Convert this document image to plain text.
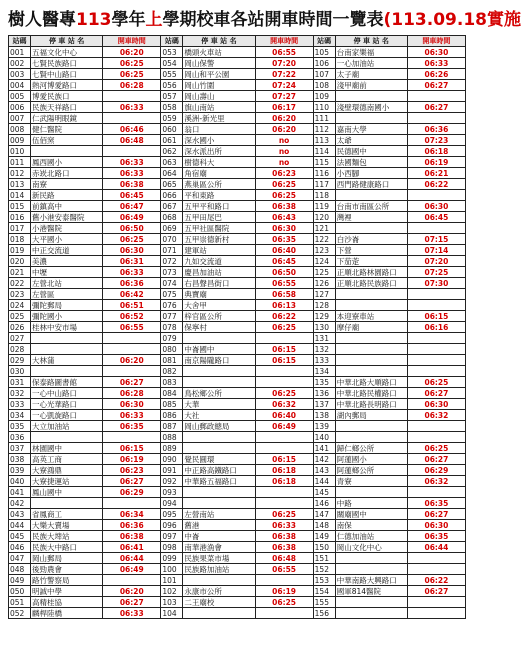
樹人醫專113學年上學期校車各站開車時間一覽表(113.09.18實施
站碼	停 車 站 名	開車時間	站碼	停 車 站 名	開車時間	站碼	停 車 站 名	開車時間
001	五福文化中心	06:20	053	橋頭火車站	06:55	105	台南家樂福	06:30
002	七賢民族路口	06:25	054	岡山保警	07:20	106	一心加油站	06:33
003	七賢中山路口	06:25	055	岡山和平公園	07:22	107	太子廟	06:26
004	熱河博愛路口	06:28	056	岡山竹圍	07:24	108	淺甲廟前	06:27
005	博愛民族口		057	岡山壽山	07:27	109		
006	民族天祥路口	06:33	058	旗山南站	06:17	110	淺壁環德南國小	06:27
007	仁武陽明眼鏡		059	溪洲-新光里	06:20	111		
008	健仁醫院	06:46	060	翁口	06:20	112	嘉南大學	06:36
009	伍佰窯	06:48	061	深水國小	no	113	太爺	07:23
010			062	深水派出所	no	114	民德國中	06:18
011	鳳西國小	06:33	063	樹德科大	no	115	法國麵包	06:19
012	赤崁北路口	06:33	064	角宿廟	06:23	116	小西腳	06:21
013	南寮	06:38	065	燕巢區公所	06:25	117	西門路健康路口	06:22
014	新民路	06:45	066	平和東路	06:25	118		
015	前鎮高中	06:47	067	五甲平和路口	06:38	119	台南市南區公所	06:30
016	舊小港安泰醫院	06:49	068	五甲田尾巴	06:43	120	灣裡	06:45
017	小港醫院	06:50	069	五甲社區醫院	06:30	121		
018	大平國小	06:25	070	五甲崇德新村	06:35	122	白沙崙	07:15
019	中正交流道	06:30	071	建軍站	06:40	123	下營	07:14
020	美濃	06:31	072	九如交流道	06:45	124	下茄萣	07:20
021	中壢	06:33	073	慶昌加油站	06:50	125	正順北路林園路口	07:25
022	左營北站	06:36	074	右昌聲昌街口	06:55	126	正順北路民族路口	07:30
023	左營區	06:42	075	典寶廟	06:58	127		
024	彌陀郵局	06:51	076	大舍甲	06:13	128		
025	彌陀國小	06:52	077	梓官區公所	06:22	129	本迎寮車站	06:15
026	桂林中安市場	06:55	078	保寧村	06:25	130	摩仔廟	06:16
027			079			131		
028			080	中崙國中	06:15	132		
029	大林蒲	06:20	081	南京陽隴路口	06:15	133		
030			082			134		
031	保泰路圖書館	06:27	083			135	中華北路大順路口	06:25
032	一心中山路口	06:28	084	鳥松鄉公所	06:25	136	中華北路民權路口	06:27
033	一心光華路口	06:30	085	大華	06:32	137	中華北路長明路口	06:30
034	一心凱旋路口	06:33	086	大社	06:40	138	湖內郵局	06:32
035	大立加油站	06:35	087	岡山郵政總局	06:49	139		
036			088			140		
037	林園國中	06:15	089			141	歸仁鄉公所	06:25
038	高英工商	06:19	090	覺民圓環	06:15	142	阿蓮國小	06:27
039	大寮鴻鼎	06:23	091	中正路高鐵路口	06:18	143	阿蓮鄉公所	06:29
040	大寮捷運站	06:27	092	中華路五福路口	06:18	144	青寮	06:32
041	鳳山國中	06:29	093			145		
042			094			146	中路	06:35
043	省鳳商工	06:34	095	左營南站	06:25	147	關廟國中	06:27
044	大樂大賣場	06:36	096	舊港	06:33	148	南保	06:30
045	民族大埤站	06:38	097	中崙	06:38	149	仁德加油站	06:35
046	民族大中路口	06:41	098	南華港漁會	06:38	150	岡山文化中心	06:44
047	岡山郵局	06:44	099	民族果菜市場	06:48	151		
048	後勁農會	06:49	100	民族路加油站	06:55	152		
049	路竹警察局		101			153	中華南路大興路口	06:22
050	明誠中學	06:20	102	永康市公所	06:19	154	國軍814醫院	06:27
051	高精桂協	06:27	103	二王廟校	06:25	155		
052	麟桿陸橋	06:33	104			156		
